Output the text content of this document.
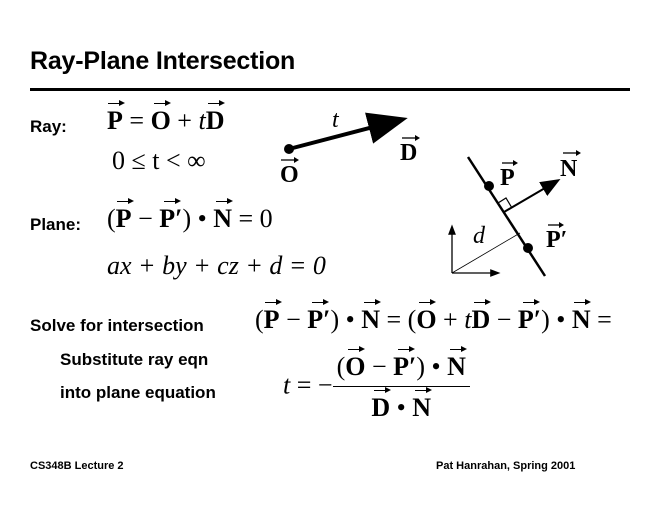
Ray-Plane Intersection
Ray: P = O + tD
0 ≤ t < ∞
t
O
D
Plane: (P − P′) • N = 0
ax + by + cz + d = 0
d
P N
P′
Solve for intersection (P − P′) • N = (O + tD − P′) • N =
Substitute ray eqn
into plane equation	t = − $\frac{(O - P') • N}{D • N}$
CS348B Lecture 2	Pat Hanrahan, Spring 2001
